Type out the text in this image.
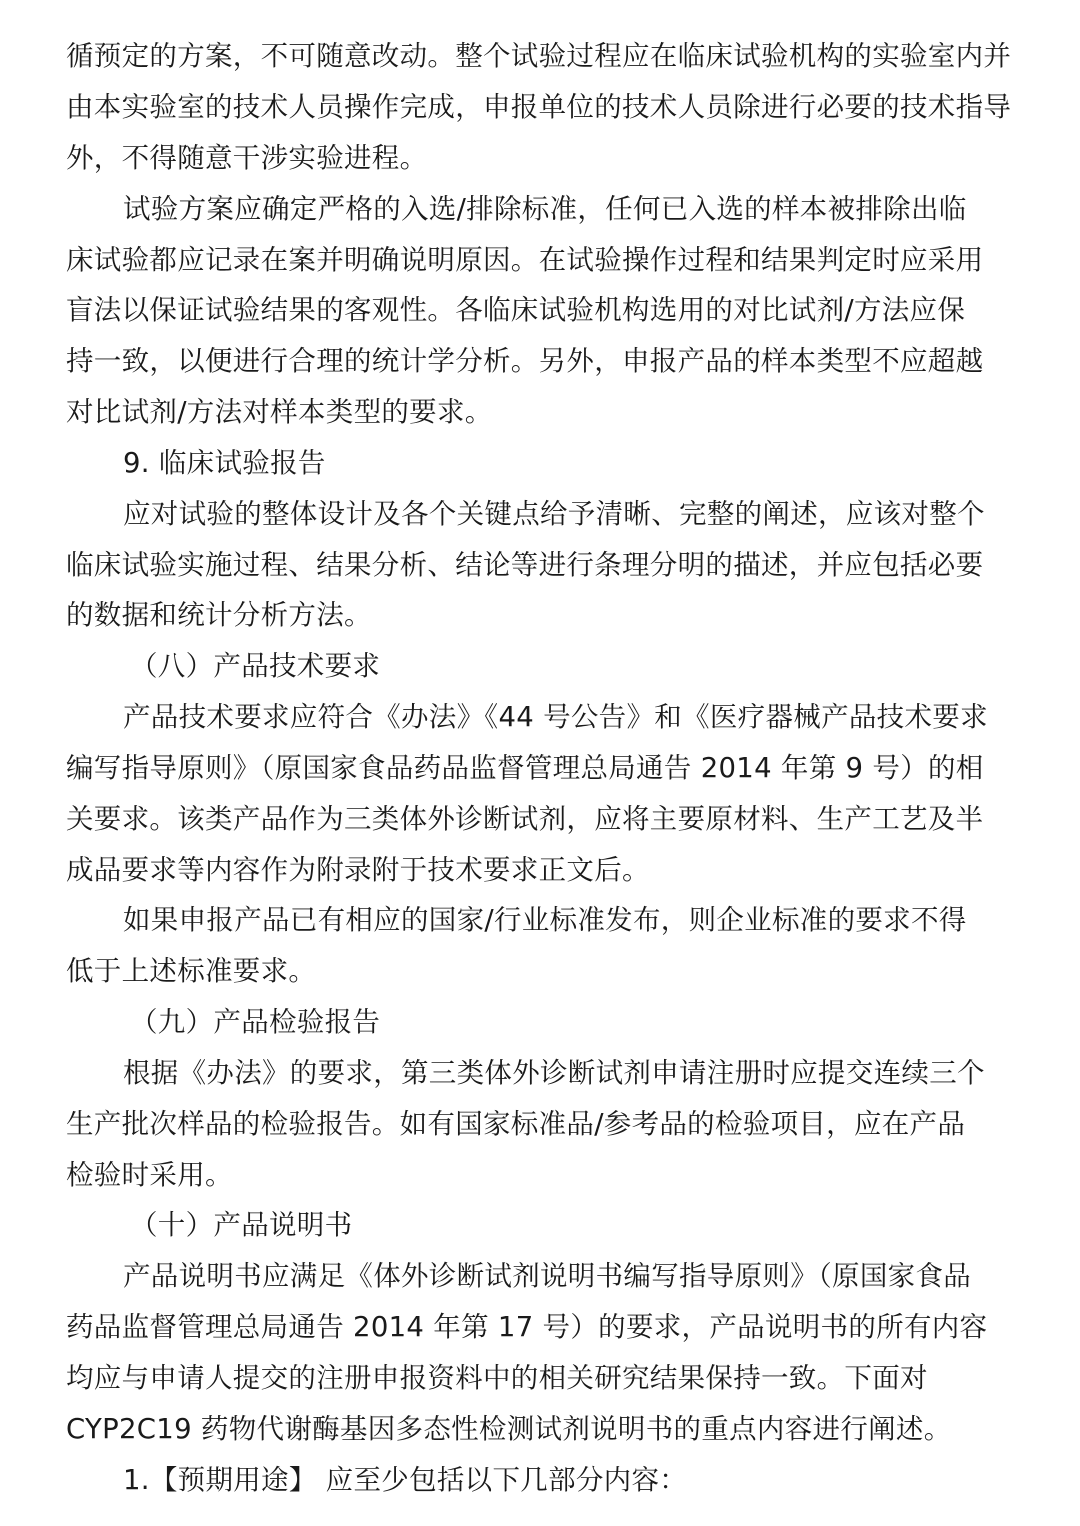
循预定的方案，不可随意改动。整个试验过程应在临床试验机构的实验室内并
由本实验室的技术人员操作完成，申报单位的技术人员除进行必要的技术指导
外，不得随意干涉实验进程。
试验方案应确定严格的入选/排除标准，任何已入选的样本被排除出临
床试验都应记录在案并明确说明原因。在试验操作过程和结果判定时应采用
盲法以保证试验结果的客观性。各临床试验机构选用的对比试剂/方法应保
持一致，以便进行合理的统计学分析。另外，申报产品的样本类型不应超越
对比试剂/方法对样本类型的要求。
9. 临床试验报告
应对试验的整体设计及各个关键点给予清晰、完整的阐述，应该对整个
临床试验实施过程、结果分析、结论等进行条理分明的描述，并应包括必要
的数据和统计分析方法。
（八）产品技术要求
产品技术要求应符合《办法》《44 号公告》和《医疗器械产品技术要求
编写指导原则》（原国家食品药品监督管理总局通告 2014 年第 9 号）的相
关要求。该类产品作为三类体外诊断试剂，应将主要原材料、生产工艺及半
成品要求等内容作为附录附于技术要求正文后。
如果申报产品已有相应的国家/行业标准发布，则企业标准的要求不得
低于上述标准要求。
（九）产品检验报告
根据《办法》的要求，第三类体外诊断试剂申请注册时应提交连续三个
生产批次样品的检验报告。如有国家标准品/参考品的检验项目，应在产品
检验时采用。
（十）产品说明书
产品说明书应满足《体外诊断试剂说明书编写指导原则》（原国家食品
药品监督管理总局通告 2014 年第 17 号）的要求，产品说明书的所有内容
均应与申请人提交的注册申报资料中的相关研究结果保持一致。下面对
CYP2C19 药物代谢酶基因多态性检测试剂说明书的重点内容进行阐述。
1.【预期用途】 应至少包括以下几部分内容：
